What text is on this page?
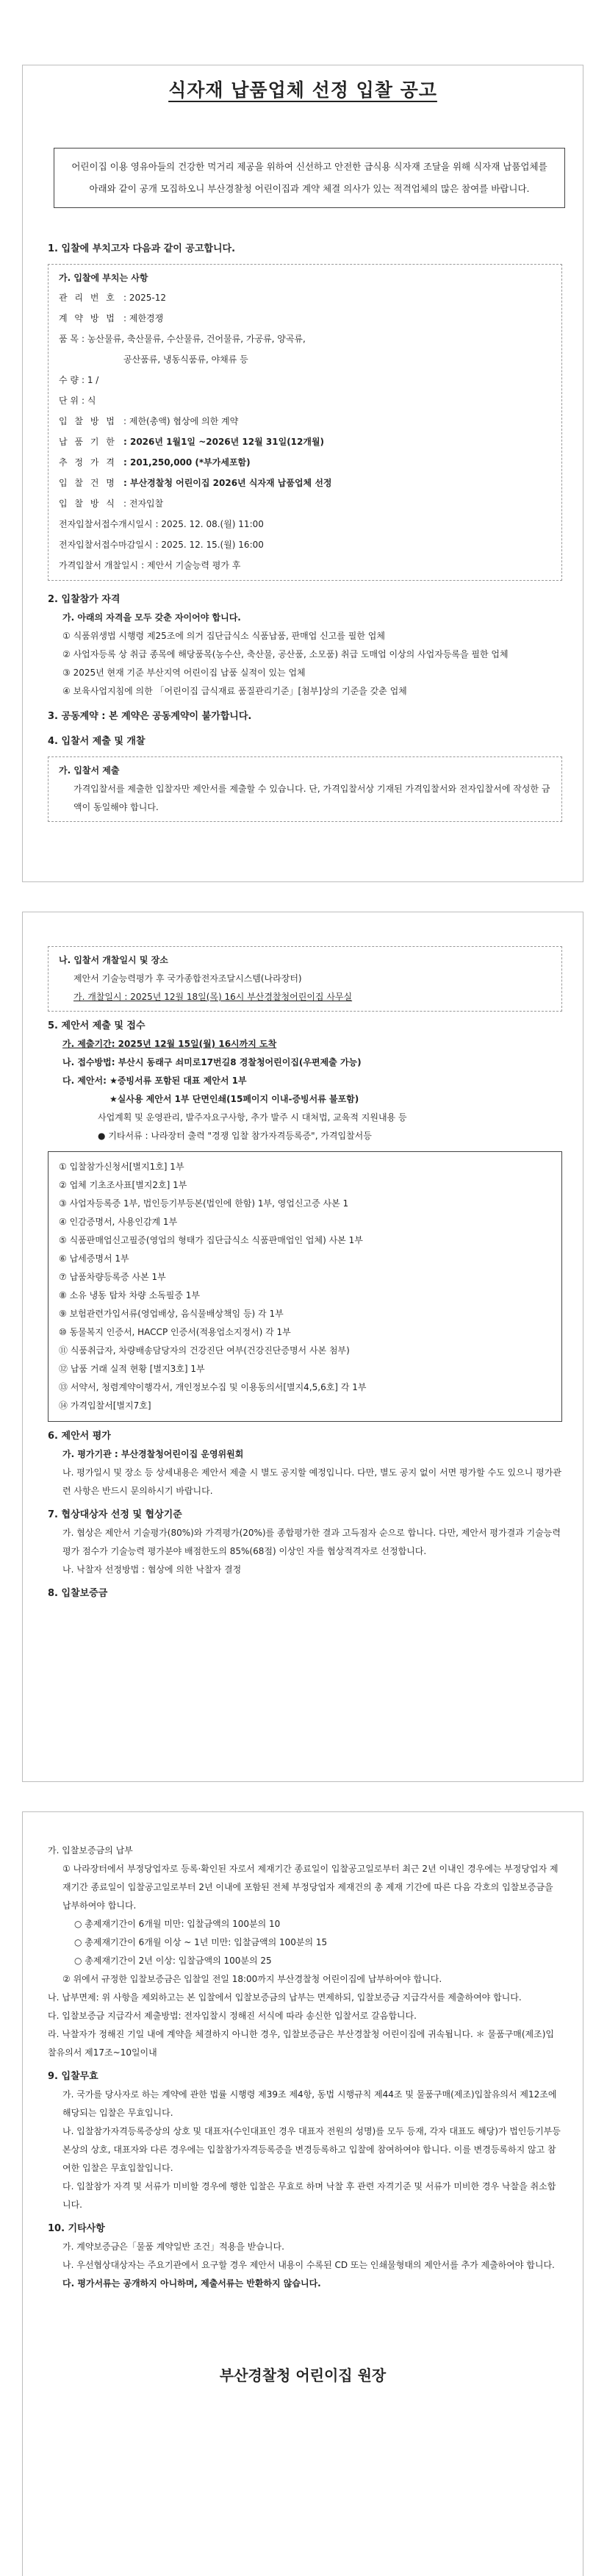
식자재 납품업체 선정 입찰 공고
어린이집 이용 영유아들의 건강한 먹거리 제공을 위하여 신선하고 안전한 급식용 식자재 조달을 위해 식자재 납품업체를 아래와 같이 공개 모집하오니 부산경찰청 어린이집과 계약 체결 의사가 있는 적격업체의 많은 참여를 바랍니다.

1. 입찰에 부치고자 다음과 같이 공고합니다.

가. 입찰에 부치는 사항
관 리 번 호 : 2025-12
계 약 방 법 : 제한경쟁
품 목 : 농산물류, 축산물류, 수산물류, 건어물류, 가공류, 양곡류,
공산품류, 냉동식품류, 야채류 등
수 량 : 1 /
단 위 : 식
입 찰 방 법 : 제한(총액) 협상에 의한 계약
납 품 기 한 : 2026년 1월1일 ~2026년 12월 31일(12개월)
추 정 가 격 : 201,250,000 (*부가세포함)
입 찰 건 명 : 부산경찰청 어린이집 2026년 식자재 납품업체 선정
입 찰 방 식 : 전자입찰
전자입찰서접수개시일시 : 2025. 12. 08.(월) 11:00
전자입찰서접수마감일시 : 2025. 12. 15.(월) 16:00
가격입찰서 개찰일시 : 제안서 기술능력 평가 후

2. 입찰참가 자격

가. 아래의 자격을 모두 갖춘 자이어야 합니다.
① 식품위생법 시행령 제25조에 의거 집단급식소 식품납품, 판매업 신고를 필한 업체
② 사업자등록 상 취급 종목에 해당품목(농수산, 축산물, 공산품, 소모품) 취급 도매업 이상의 사업자등록을 필한 업체
③ 2025년 현재 기준 부산지역 어린이집 납품 실적이 있는 업체
④ 보육사업지침에 의한 「어린이집 급식재료 품질관리기준」[첨부]상의 기준을 갖춘 업체

3. 공동계약 : 본 계약은 공동계약이 불가합니다.

4. 입찰서 제출 및 개찰

가. 입찰서 제출
가격입찰서를 제출한 입찰자만 제안서를 제출할 수 있습니다. 단, 가격입찰서상 기재된 가격입찰서와 전자입찰서에 작성한 금액이 동일해야 합니다.
나. 입찰서 개찰일시 및 장소
제안서 기술능력평가 후 국가종합전자조달시스템(나라장터)
가. 개찰일시 : 2025년 12월 18일(목) 16시 부산경찰청어린이집 사무실

5. 제안서 제출 및 접수

가. 제출기간: 2025년 12월 15일(월) 16시까지 도착
나. 접수방법: 부산시 동래구 쇠미로17번길8 경찰청어린이집(우편제출 가능)
다. 제안서: ★증빙서류 포함된 대표 제안서 1부
★실사용 제안서 1부 단면인쇄(15페이지 이내-증빙서류 불포함)
사업계획 및 운영관리, 발주자요구사항, 추가 발주 시 대처법, 교육적 지원내용 등
● 기타서류 : 나라장터 출력 "경쟁 입찰 참가자격등록증", 가격입찰서등
① 입찰참가신청서[별지1호] 1부
② 업체 기초조사표[별지2호] 1부
③ 사업자등록증 1부, 법인등기부등본(법인에 한함) 1부, 영업신고증 사본 1
④ 인감증명서, 사용인감계 1부
⑤ 식품판매업신고필증(영업의 형태가 집단급식소 식품판매업인 업체) 사본 1부
⑥ 납세증명서 1부
⑦ 납품차량등록증 사본 1부
⑧ 소유 냉동 탑차 차량 소독필증 1부
⑨ 보험관련가입서류(영업배상, 음식물배상책임 등) 각 1부
⑩ 동물복지 인증서, HACCP 인증서(적용업소지정서) 각 1부
⑪ 식품취급자, 차량배송담당자의 건강진단 여부(건강진단증명서 사본 첨부)
⑫ 납품 거래 실적 현황 [별지3호] 1부
⑬ 서약서, 청렴계약이행각서, 개인정보수집 및 이용동의서[별지4,5,6호] 각 1부
⑭ 가격입찰서[별지7호]

6. 제안서 평가

가. 평가기관 : 부산경찰청어린이집 운영위원회
나. 평가일시 및 장소 등 상세내용은 제안서 제출 시 별도 공지할 예정입니다. 다만, 별도 공지 없이 서면 평가할 수도 있으니 평가관련 사항은 반드시 문의하시기 바랍니다.

7. 협상대상자 선정 및 협상기준

가. 협상은 제안서 기술평가(80%)와 가격평가(20%)를 종합평가한 결과 고득점자 순으로 합니다. 다만, 제안서 평가결과 기술능력평가 점수가 기술능력 평가분야 배점한도의 85%(68점) 이상인 자를 협상적격자로 선정합니다.
나. 낙찰자 선정방법 : 협상에 의한 낙찰자 결정

8. 입찰보증금

가. 입찰보증금의 납부
① 나라장터에서 부정당업자로 등록·확인된 자로서 제재기간 종료일이 입찰공고일로부터 최근 2년 이내인 경우에는 부정당업자 제재기간 종료일이 입찰공고일로부터 2년 이내에 포함된 전체 부정당업자 제재건의 총 제재 기간에 따른 다음 각호의 입찰보증금을 납부하여야 합니다.
○ 총제재기간이 6개월 미만: 입찰금액의 100분의 10
○ 총제재기간이 6개월 이상 ~ 1년 미만: 입찰금액의 100분의 15
○ 총제재기간이 2년 이상: 입찰금액의 100분의 25
② 위에서 규정한 입찰보증금은 입찰일 전일 18:00까지 부산경찰청 어린이집에 납부하여야 합니다.
나. 납부면제: 위 사항을 제외하고는 본 입찰에서 입찰보증금의 납부는 면제하되, 입찰보증금 지급각서를 제출하여야 합니다.
다. 입찰보증금 지급각서 제출방법: 전자입찰시 정해진 서식에 따라 송신한 입찰서로 갈음합니다.
라. 낙찰자가 정해진 기일 내에 계약을 체결하지 아니한 경우, 입찰보증금은 부산경찰청 어린이집에 귀속됩니다. ＊ 물품구매(제조)입찰유의서 제17조~10일이내

9. 입찰무효

가. 국가를 당사자로 하는 계약에 관한 법률 시행령 제39조 제4항, 동법 시행규칙 제44조 및 물품구매(제조)입찰유의서 제12조에 해당되는 입찰은 무효입니다.
나. 입찰참가자격등록증상의 상호 및 대표자(수인대표인 경우 대표자 전원의 성명)를 모두 등재, 각자 대표도 해당)가 법인등기부등본상의 상호, 대표자와 다른 경우에는 입찰참가자격등록증을 변경등록하고 입찰에 참여하여야 합니다. 이를 변경등록하지 않고 참여한 입찰은 무효입찰입니다.
다. 입찰참가 자격 및 서류가 미비할 경우에 행한 입찰은 무효로 하며 낙찰 후 관련 자격기준 및 서류가 미비한 경우 낙찰을 취소합니다.

10. 기타사항

가. 계약보증금은「물품 계약일반 조건」적용을 받습니다.
나. 우선협상대상자는 주요기관에서 요구할 경우 제안서 내용이 수록된 CD 또는 인쇄물형태의 제안서를 추가 제출하여야 합니다.
다. 평가서류는 공개하지 아니하며, 제출서류는 반환하지 않습니다.
부산경찰청 어린이집 원장
